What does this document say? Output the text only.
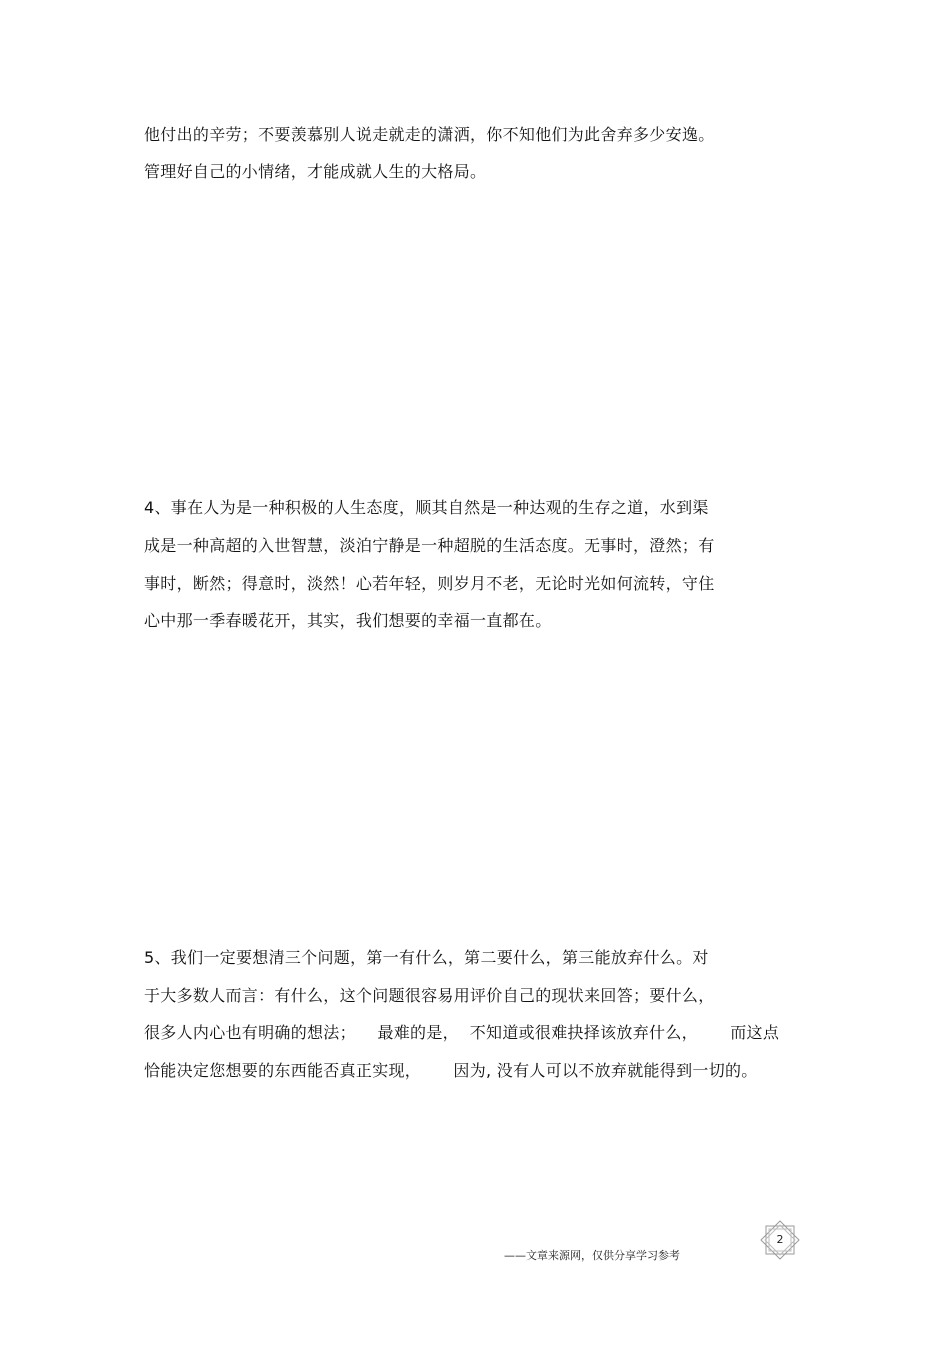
他付出的辛劳；不要羡慕别人说走就走的潇洒，你不知他们为此舍弃多少安逸。
管理好自己的小情绪，才能成就人生的大格局。
4、事在人为是一种积极的人生态度，顺其自然是一种达观的生存之道，水到渠
成是一种高超的入世智慧，淡泊宁静是一种超脱的生活态度。无事时，澄然；有
事时，断然；得意时，淡然！心若年轻，则岁月不老，无论时光如何流转，守住
心中那一季春暖花开，其实，我们想要的幸福一直都在。
5、我们一定要想清三个问题，第一有什么，第二要什么，第三能放弃什么。对
于大多数人而言：有什么，这个问题很容易用评价自己的现状来回答；要什么，
很多人内心也有明确的想法；    最难的是，  不知道或很难抉择该放弃什么，      而这点
恰能决定您想要的东西能否真正实现，      因为, 没有人可以不放弃就能得到一切的。
——文章来源网，仅供分享学习参考
2
